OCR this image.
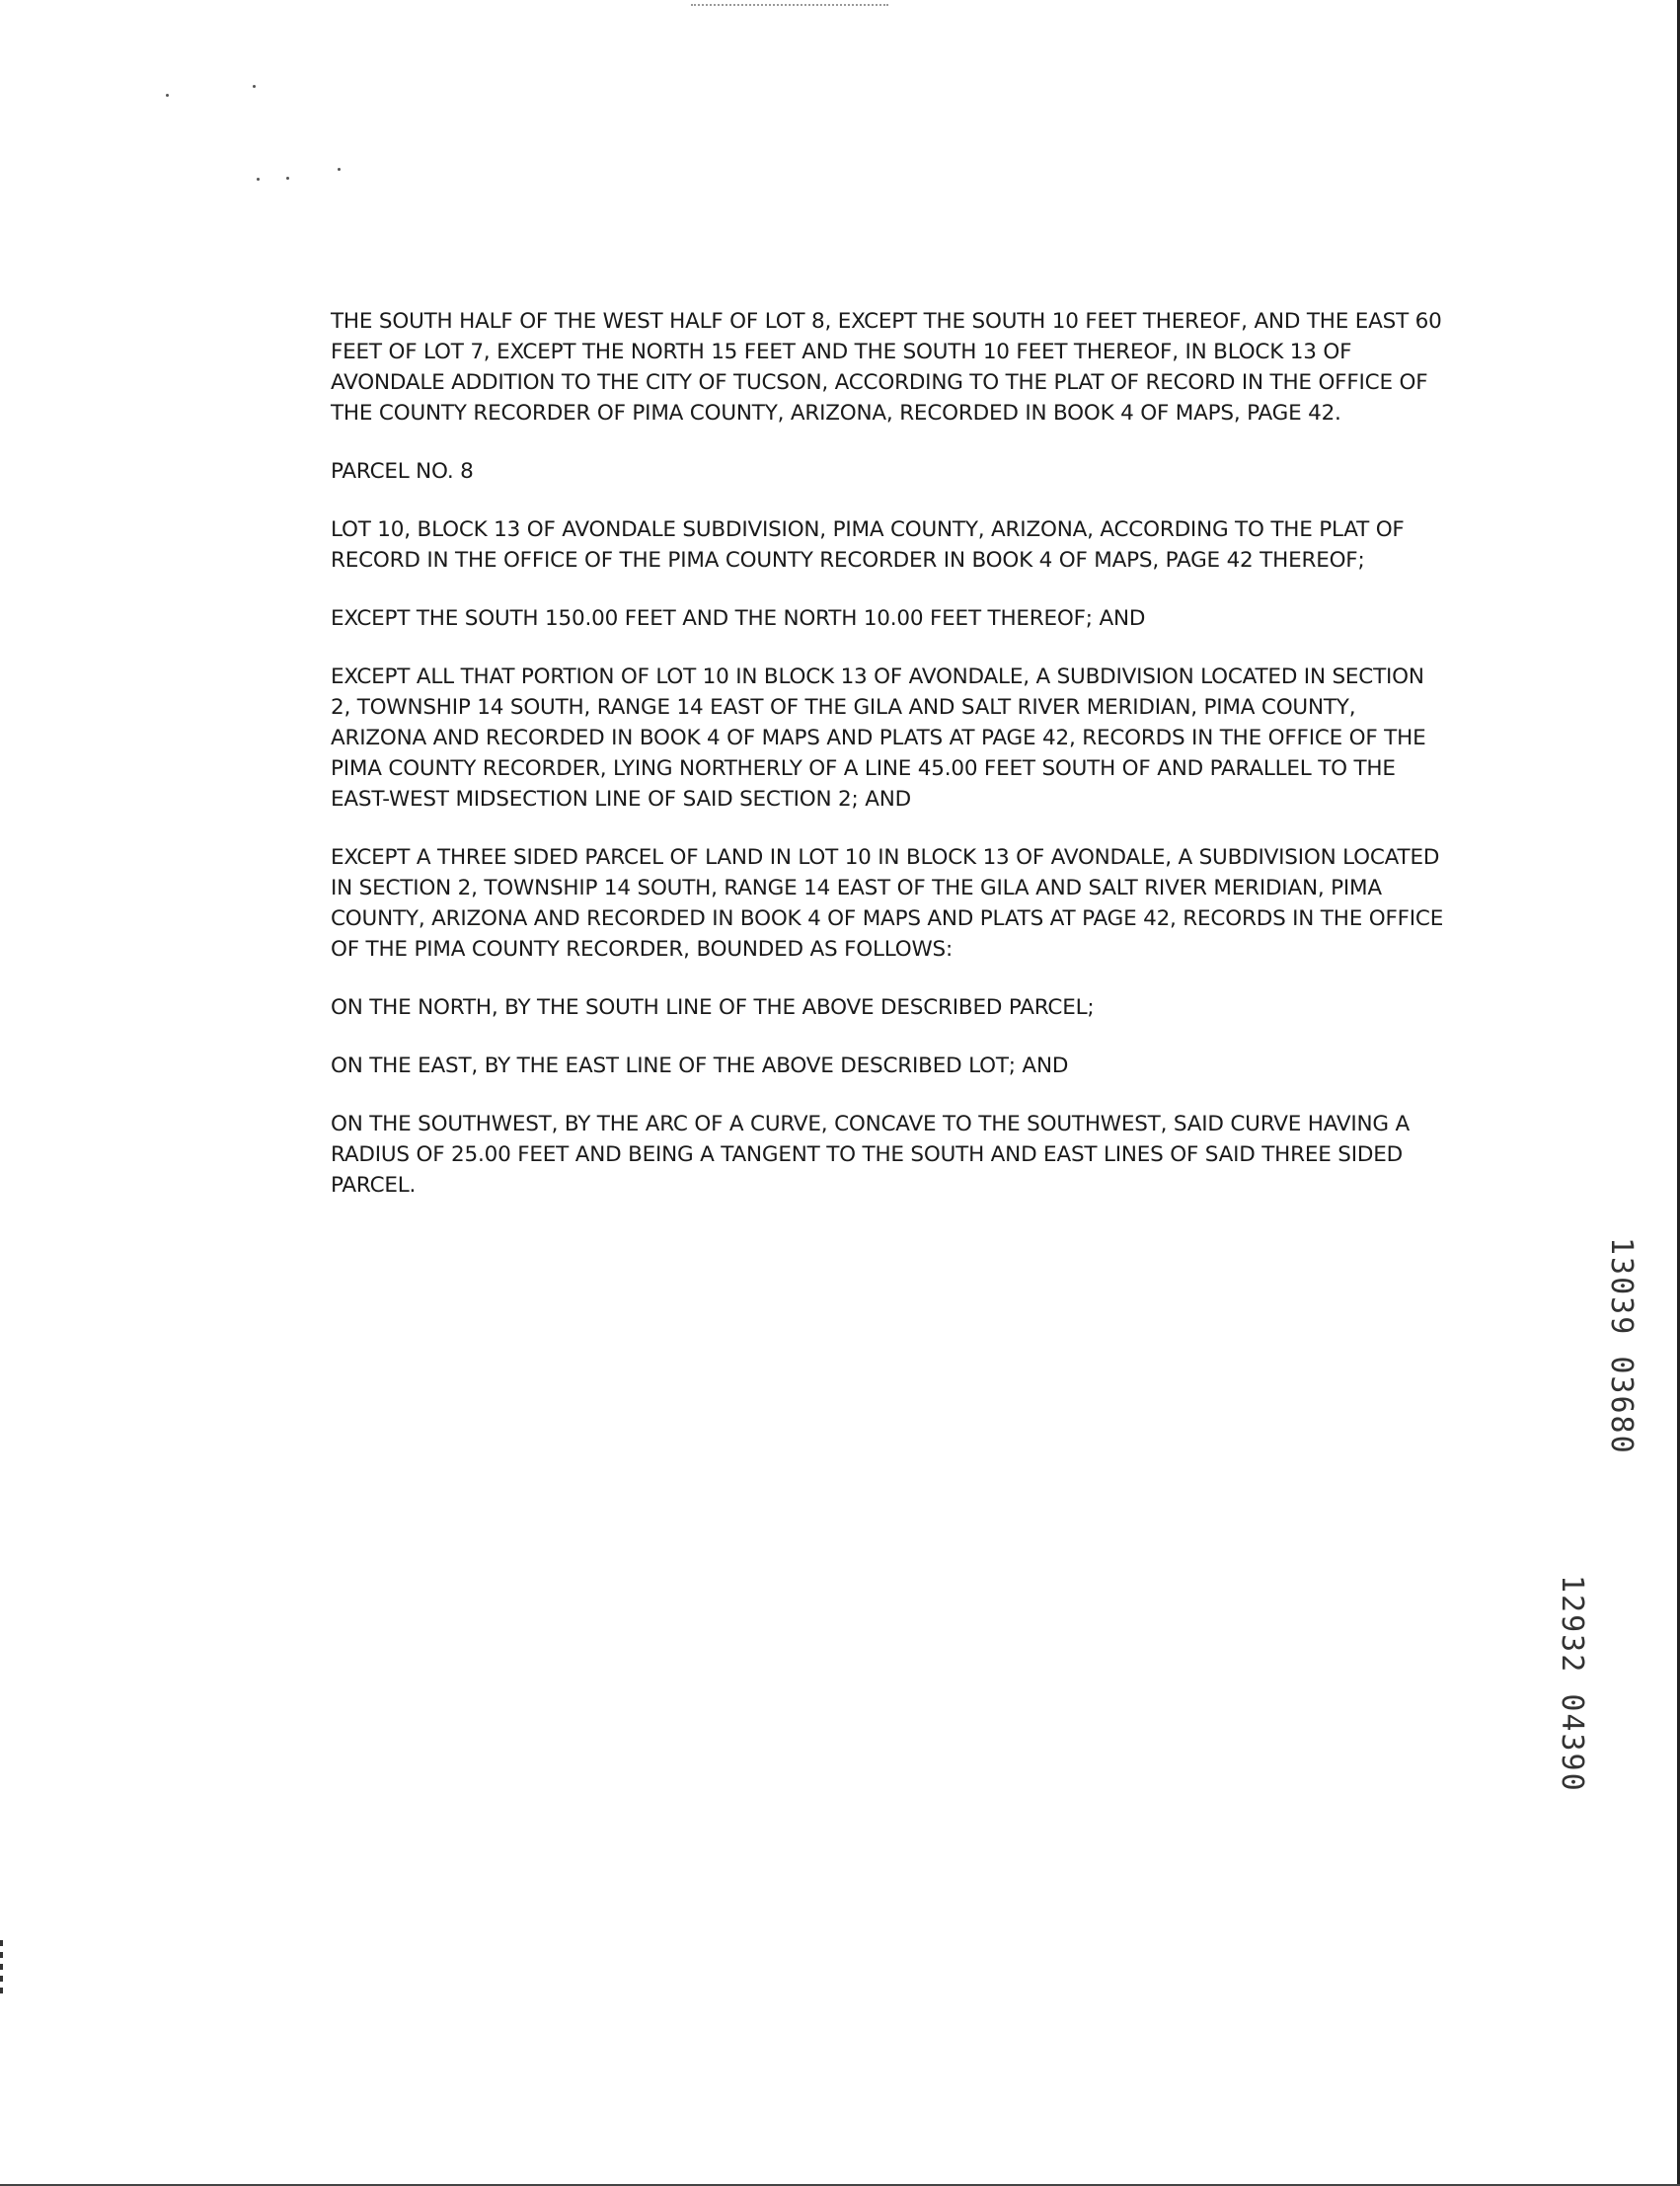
THE SOUTH HALF OF THE WEST HALF OF LOT 8, EXCEPT THE SOUTH 10 FEET THEREOF, AND THE EAST 60 FEET OF LOT 7, EXCEPT THE NORTH 15 FEET AND THE SOUTH 10 FEET THEREOF, IN BLOCK 13 OF AVONDALE ADDITION TO THE CITY OF TUCSON, ACCORDING TO THE PLAT OF RECORD IN THE OFFICE OF THE COUNTY RECORDER OF PIMA COUNTY, ARIZONA, RECORDED IN BOOK 4 OF MAPS, PAGE 42.

PARCEL NO. 8

LOT 10, BLOCK 13 OF AVONDALE SUBDIVISION, PIMA COUNTY, ARIZONA, ACCORDING TO THE PLAT OF RECORD IN THE OFFICE OF THE PIMA COUNTY RECORDER IN BOOK 4 OF MAPS, PAGE 42 THEREOF;

EXCEPT THE SOUTH 150.00 FEET AND THE NORTH 10.00 FEET THEREOF; AND

EXCEPT ALL THAT PORTION OF LOT 10 IN BLOCK 13 OF AVONDALE, A SUBDIVISION LOCATED IN SECTION 2, TOWNSHIP 14 SOUTH, RANGE 14 EAST OF THE GILA AND SALT RIVER MERIDIAN, PIMA COUNTY, ARIZONA AND RECORDED IN BOOK 4 OF MAPS AND PLATS AT PAGE 42, RECORDS IN THE OFFICE OF THE PIMA COUNTY RECORDER, LYING NORTHERLY OF A LINE 45.00 FEET SOUTH OF AND PARALLEL TO THE EAST-WEST MIDSECTION LINE OF SAID SECTION 2; AND

EXCEPT A THREE SIDED PARCEL OF LAND IN LOT 10 IN BLOCK 13 OF AVONDALE, A SUBDIVISION LOCATED IN SECTION 2, TOWNSHIP 14 SOUTH, RANGE 14 EAST OF THE GILA AND SALT RIVER MERIDIAN, PIMA COUNTY, ARIZONA AND RECORDED IN BOOK 4 OF MAPS AND PLATS AT PAGE 42, RECORDS IN THE OFFICE OF THE PIMA COUNTY RECORDER, BOUNDED AS FOLLOWS:

ON THE NORTH, BY THE SOUTH LINE OF THE ABOVE DESCRIBED PARCEL;

ON THE EAST, BY THE EAST LINE OF THE ABOVE DESCRIBED LOT; AND

ON THE SOUTHWEST, BY THE ARC OF A CURVE, CONCAVE TO THE SOUTHWEST, SAID CURVE HAVING A RADIUS OF 25.00 FEET AND BEING A TANGENT TO THE SOUTH AND EAST LINES OF SAID THREE SIDED PARCEL.

13039 03680
12932 04390
